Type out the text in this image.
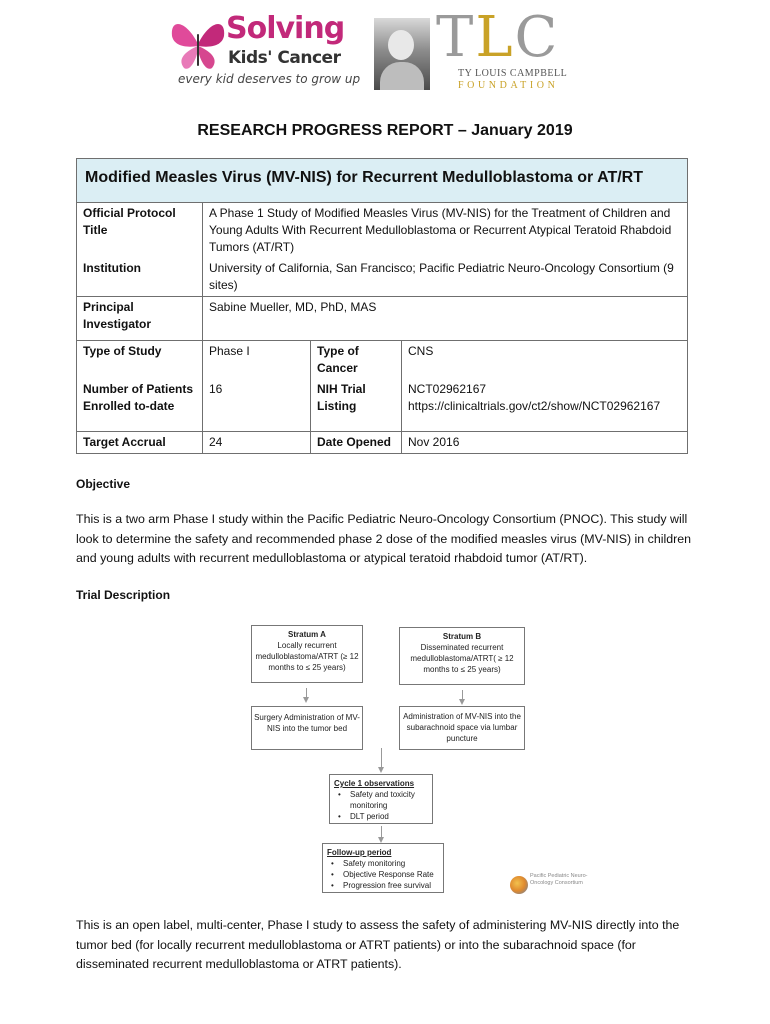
Solving
Kids' Cancer
every kid deserves to grow up
TLC
TY LOUIS CAMPBELL
FOUNDATION
RESEARCH PROGRESS REPORT – January 2019
Modified Measles Virus (MV-NIS) for Recurrent Medulloblastoma or AT/RT
Official Protocol Title	A Phase 1 Study of Modified Measles Virus (MV-NIS) for the Treatment of Children and Young Adults With Recurrent Medulloblastoma or Recurrent Atypical Teratoid Rhabdoid Tumors (AT/RT)		
Institution	University of California, San Francisco; Pacific Pediatric Neuro-Oncology Consortium (9 sites)		
Principal Investigator	Sabine Mueller, MD, PhD, MAS		
Type of Study	Phase I	Type of Cancer	CNS
Number of Patients Enrolled to-date	16	NIH Trial Listing	NCT02962167
https://clinicaltrials.gov/ct2/show/NCT02962167

Target Accrual	24	Date Opened	Nov 2016
Objective
This is a two arm Phase I study within the Pacific Pediatric Neuro-Oncology Consortium (PNOC). This study will look to determine the safety and recommended phase 2 dose of the modified measles virus (MV-NIS) in children and young adults with recurrent medulloblastoma or atypical teratoid rhabdoid tumor (AT/RT).
Trial Description
Stratum A
Locally recurrent medulloblastoma/ATRT (≥ 12 months to ≤ 25 years)
Stratum B
Disseminated recurrent medulloblastoma/ATRT( ≥ 12 months to ≤ 25 years)
Surgery Administration of MV-NIS into the tumor bed
Administration of MV-NIS into the subarachnoid space via lumbar puncture
Cycle 1 observations
• Safety and toxicity monitoring
• DLT period
Follow-up period
• Safety monitoring
• Objective Response Rate
• Progression free survival
Pacific Pediatric Neuro-Oncology Consortium
This is an open label, multi-center, Phase I study to assess the safety of administering MV-NIS directly into the tumor bed (for locally recurrent medulloblastoma or ATRT patients) or into the subarachnoid space (for disseminated recurrent medulloblastoma or ATRT patients).
